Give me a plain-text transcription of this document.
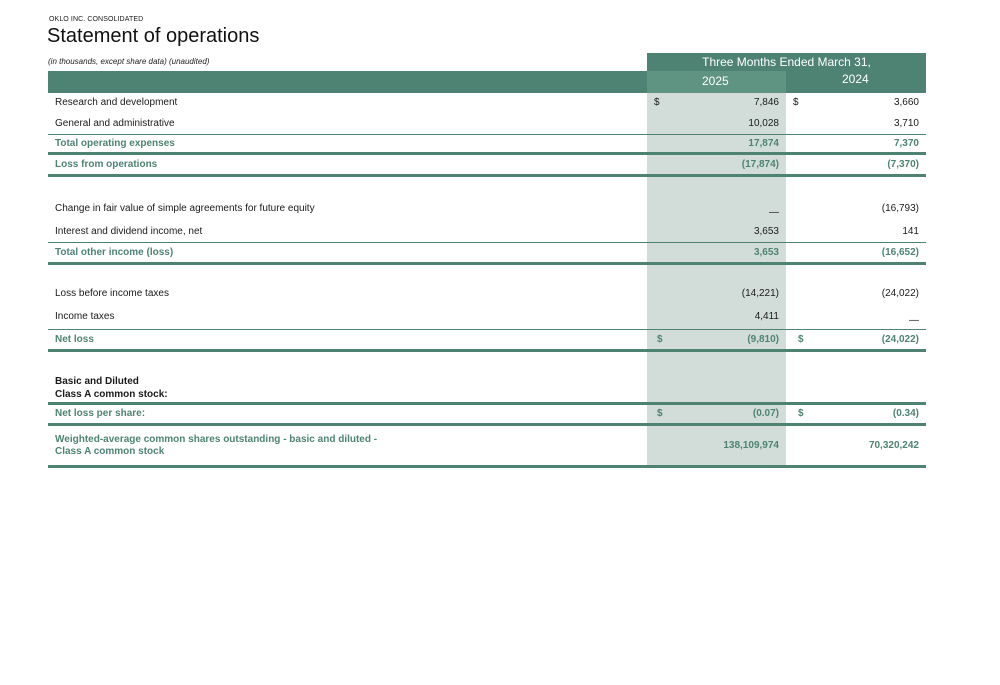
OKLO INC. CONSOLIDATED
Statement of operations
(in thousands, except share data) (unaudited)	Three Months Ended March 31,
2025	2024
Research and development	$	7,846 $	3,660
General and administrative	10,028	3,710
Total operating expenses	17,874	7,370
Loss from operations	(17,874)	(7,370)
Change in fair value of simple agreements for future equity	—	(16,793)
Interest and dividend income, net	3,653	141
Total other income (loss)	3,653	(16,652)
Loss before income taxes	(14,221)	(24,022)
Income taxes	4,411	—
Net loss	$	(9,810) $	(24,022)
Basic and Diluted
Class A common stock:
Net loss per share:	$	(0.07) $	(0.34)
Weighted-average common shares outstanding - basic and diluted -
Class A common stock
138,109,974	70,320,242
